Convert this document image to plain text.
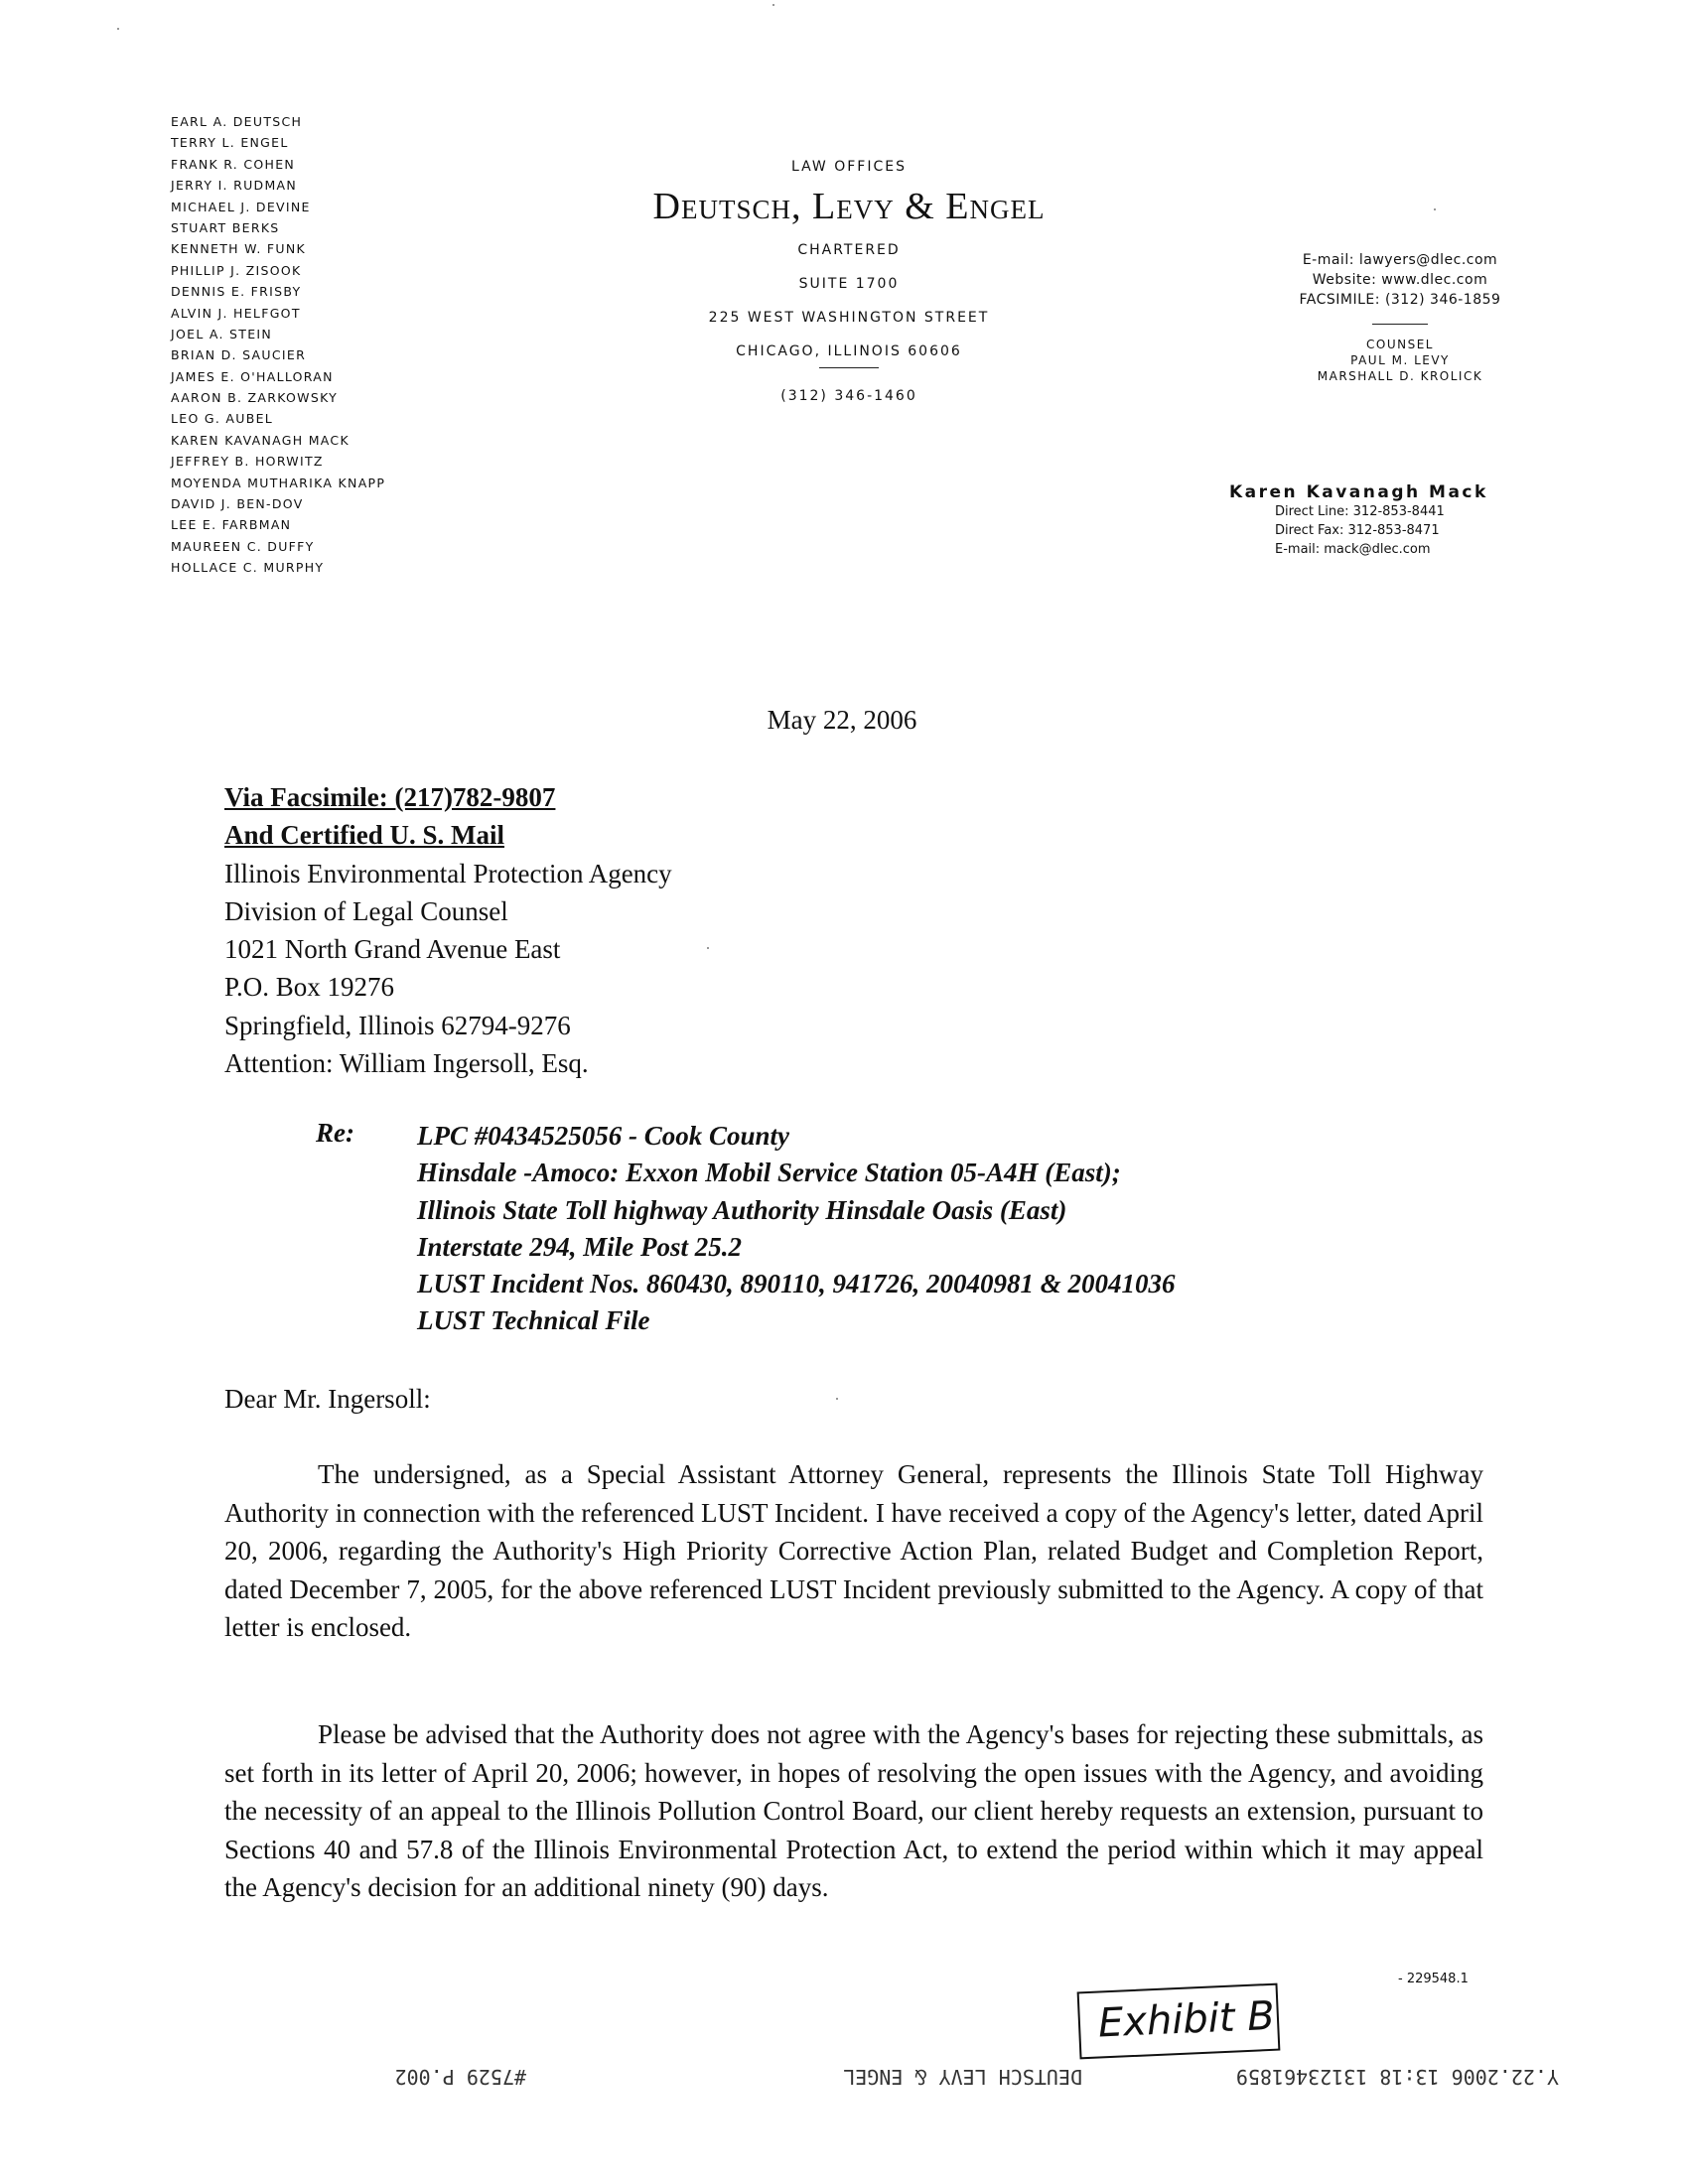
EARL A. DEUTSCH
TERRY L. ENGEL
FRANK R. COHEN
JERRY I. RUDMAN
MICHAEL J. DEVINE
STUART BERKS
KENNETH W. FUNK
PHILLIP J. ZISOOK
DENNIS E. FRISBY
ALVIN J. HELFGOT
JOEL A. STEIN
BRIAN D. SAUCIER
JAMES E. O'HALLORAN
AARON B. ZARKOWSKY
LEO G. AUBEL
KAREN KAVANAGH MACK
JEFFREY B. HORWITZ
MOYENDA MUTHARIKA KNAPP
DAVID J. BEN-DOV
LEE E. FARBMAN
MAUREEN C. DUFFY
HOLLACE C. MURPHY
LAW OFFICES
Deutsch, Levy & Engel
CHARTERED
SUITE 1700
225 WEST WASHINGTON STREET
CHICAGO, ILLINOIS 60606
(312) 346-1460
E-mail: lawyers@dlec.com
Website: www.dlec.com
FACSIMILE: (312) 346-1859
COUNSEL
PAUL M. LEVY
MARSHALL D. KROLICK
Karen Kavanagh Mack
Direct Line: 312-853-8441
Direct Fax: 312-853-8471
E-mail: mack@dlec.com
May 22, 2006
Via Facsimile: (217)782-9807
And Certified U. S. Mail
Illinois Environmental Protection Agency
Division of Legal Counsel
1021 North Grand Avenue East
P.O. Box 19276
Springfield, Illinois 62794-9276
Attention: William Ingersoll, Esq.
Re: LPC #0434525056 - Cook County
Hinsdale -Amoco: Exxon Mobil Service Station 05-A4H (East);
Illinois State Toll highway Authority Hinsdale Oasis (East)
Interstate 294, Mile Post 25.2
LUST Incident Nos. 860430, 890110, 941726, 20040981 & 20041036
LUST Technical File
Dear Mr. Ingersoll:
The undersigned, as a Special Assistant Attorney General, represents the Illinois State Toll Highway Authority in connection with the referenced LUST Incident. I have received a copy of the Agency's letter, dated April 20, 2006, regarding the Authority's High Priority Corrective Action Plan, related Budget and Completion Report, dated December 7, 2005, for the above referenced LUST Incident previously submitted to the Agency. A copy of that letter is enclosed.
Please be advised that the Authority does not agree with the Agency's bases for rejecting these submittals, as set forth in its letter of April 20, 2006; however, in hopes of resolving the open issues with the Agency, and avoiding the necessity of an appeal to the Illinois Pollution Control Board, our client hereby requests an extension, pursuant to Sections 40 and 57.8 of the Illinois Environmental Protection Act, to extend the period within which it may appeal the Agency's decision for an additional ninety (90) days.
- 229548.1
Exhibit B
Y.22.2006 13:18 13123461859
DEUTSCH LEVY & ENGEL
#7529 P.002
